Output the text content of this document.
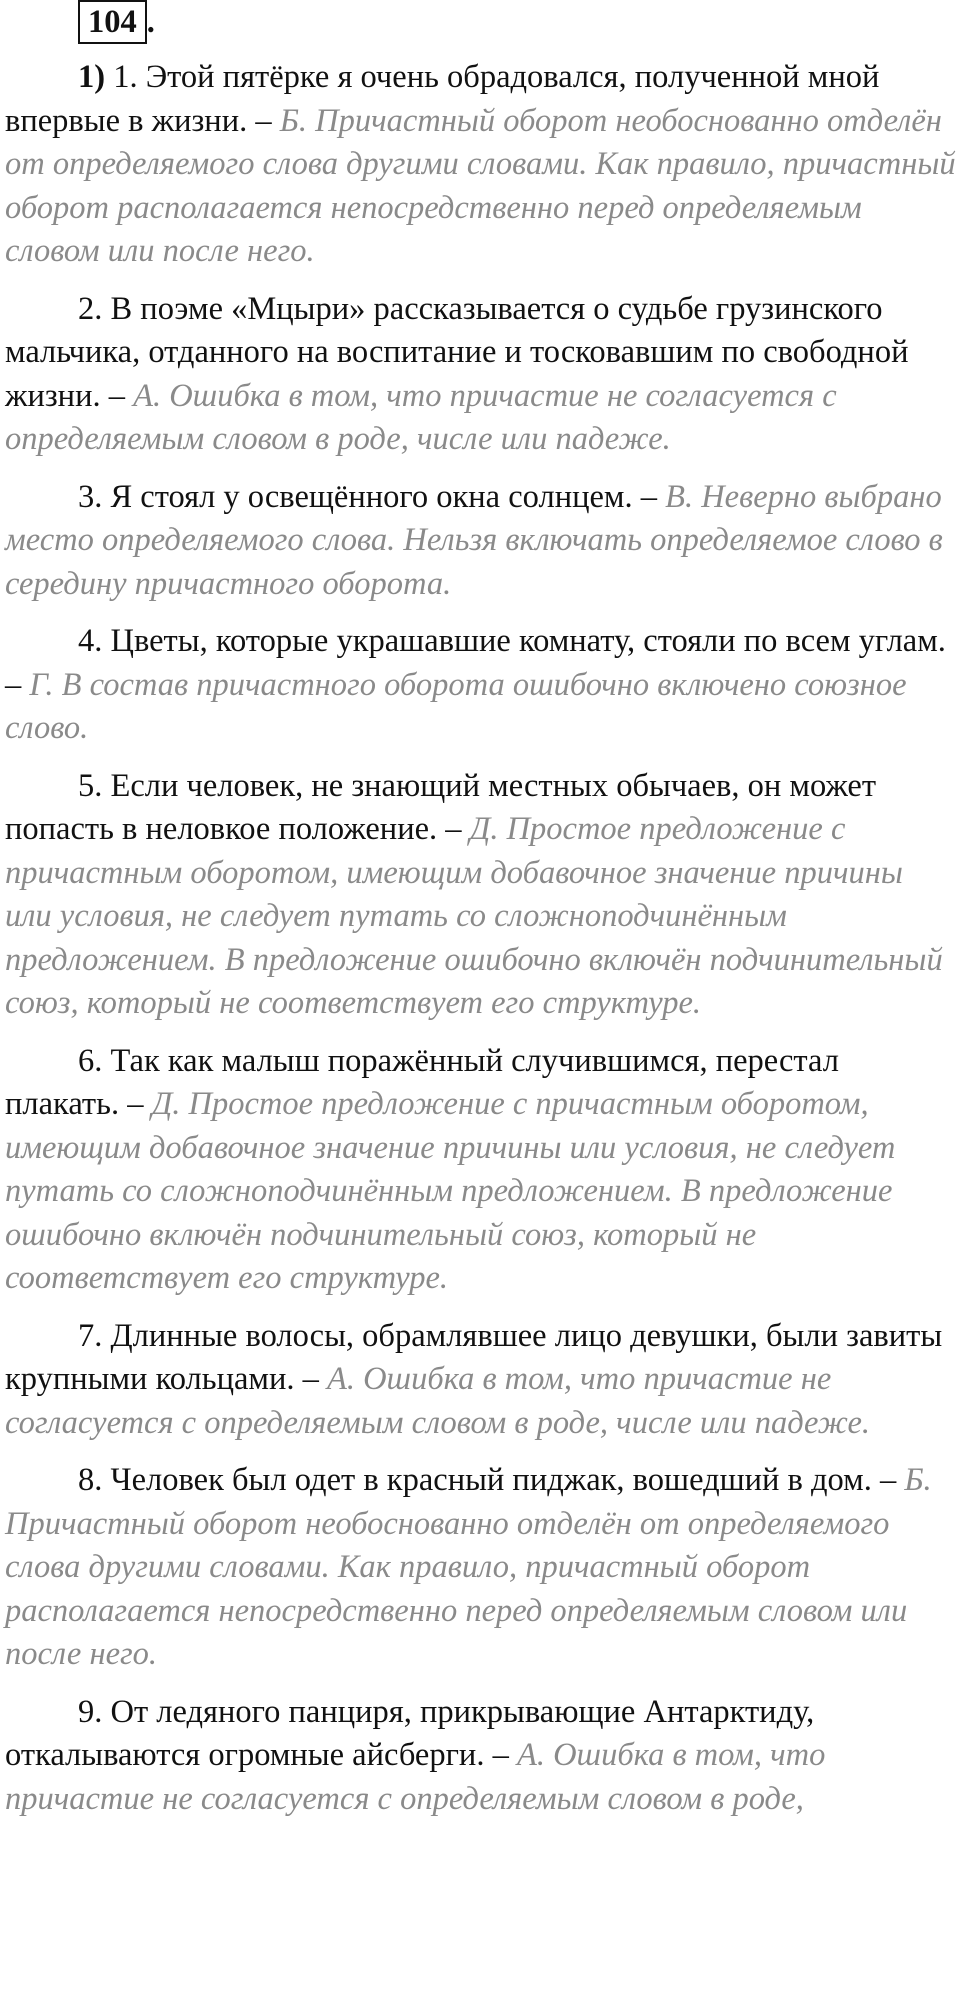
104 .

1) 1. Этой пятёрке я очень обрадовался, полученной мной впервые в жизни. – Б. Причастный оборот необоснованно отделён от определяемого слова другими словами. Как правило, причастный оборот располагается непосредственно перед определяемым словом или после него.

2. В поэме «Мцыри» рассказывается о судьбе грузинского мальчика, отданного на воспитание и тосковавшим по свободной жизни. – А. Ошибка в том, что причастие не согласуется с определяемым словом в роде, числе или падеже.

3. Я стоял у освещённого окна солнцем. – В. Неверно выбрано место определяемого слова. Нельзя включать определяемое слово в середину причастного оборота.

4. Цветы, которые украшавшие комнату, стояли по всем углам. – Г. В состав причастного оборота ошибочно включено союзное слово.

5. Если человек, не знающий местных обычаев, он может попасть в неловкое положение. – Д. Простое предложение с причастным оборотом, имеющим добавочное значение причины или условия, не следует путать со сложноподчинённым предложением. В предложение ошибочно включён подчинительный союз, который не соответствует его структуре.

6. Так как малыш поражённый случившимся, перестал плакать. – Д. Простое предложение с причастным оборотом, имеющим добавочное значение причины или условия, не следует путать со сложноподчинённым предложением. В предложение ошибочно включён подчинительный союз, который не соответствует его структуре.

7. Длинные волосы, обрамлявшее лицо девушки, были завиты крупными кольцами. – А. Ошибка в том, что причастие не согласуется с определяемым словом в роде, числе или падеже.

8. Человек был одет в красный пиджак, вошедший в дом. – Б. Причастный оборот необоснованно отделён от определяемого слова другими словами. Как правило, причастный оборот располагается непосредственно перед определяемым словом или после него.

9. От ледяного панциря, прикрывающие Антарктиду, откалываются огромные айсберги. – А. Ошибка в том, что причастие не согласуется с определяемым словом в роде,
